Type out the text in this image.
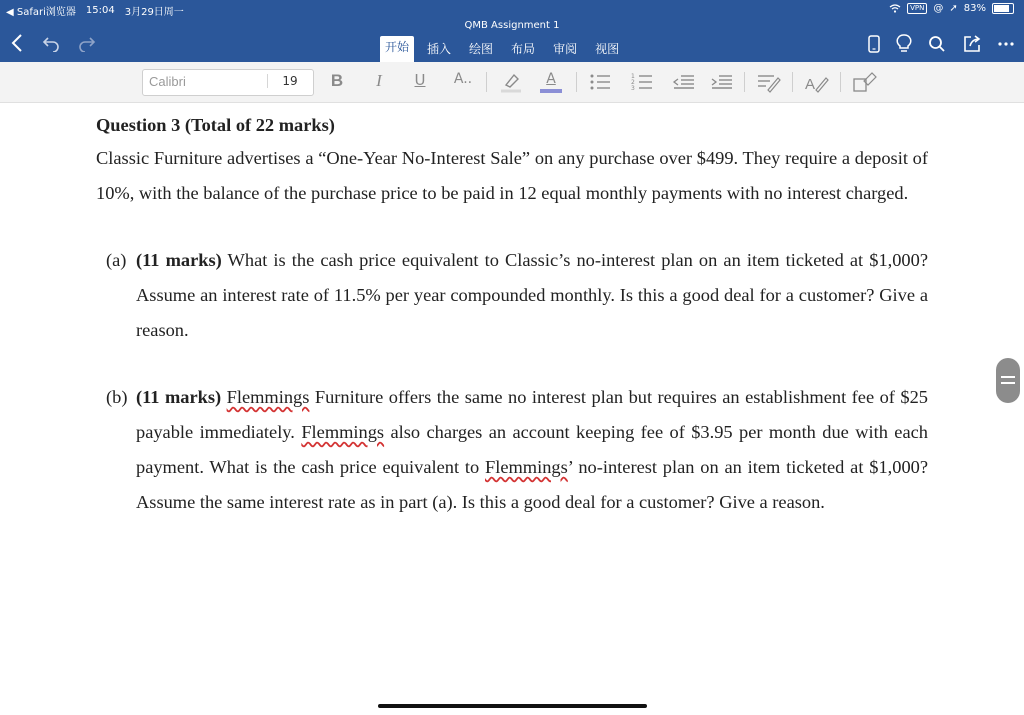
◀ Safari浏览器 15:04 3月29日周一	VPN @ ➚ 83%
QMB Assignment 1
开始	插入	绘图	布局	审阅	视图
Calibri	19	B	I	U A..	A	1
2
3	A
Question 3 (Total of 22 marks)
Classic Furniture advertises a “One-Year No-Interest Sale” on any purchase over $499. They require a deposit of 10%, with the balance of the purchase price to be paid in 12 equal monthly payments with no interest charged.
(a) (11 marks) What is the cash price equivalent to Classic’s no-interest plan on an item ticketed at $1,000? Assume an interest rate of 11.5% per year compounded monthly. Is this a good deal for a customer? Give a reason.
(b) (11 marks) Flemmings Furniture offers the same no interest plan but requires an establishment fee of $25 payable immediately. Flemmings also charges an account keeping fee of $3.95 per month due with each payment. What is the cash price equivalent to Flemmings’ no-interest plan on an item ticketed at $1,000? Assume the same interest rate as in part (a). Is this a good deal for a customer? Give a reason.
